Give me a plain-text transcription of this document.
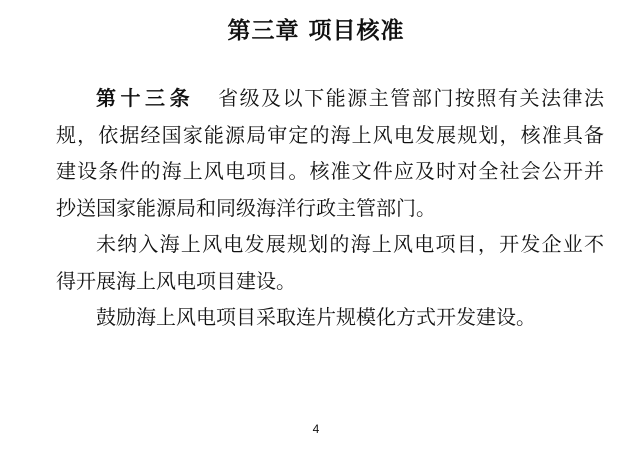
第三章 项目核准
第十三条 省级及以下能源主管部门按照有关法律法
规，依据经国家能源局审定的海上风电发展规划，核准具备
建设条件的海上风电项目。核准文件应及时对全社会公开并
抄送国家能源局和同级海洋行政主管部门。
未纳入海上风电发展规划的海上风电项目，开发企业不
得开展海上风电项目建设。
鼓励海上风电项目采取连片规模化方式开发建设。
4
